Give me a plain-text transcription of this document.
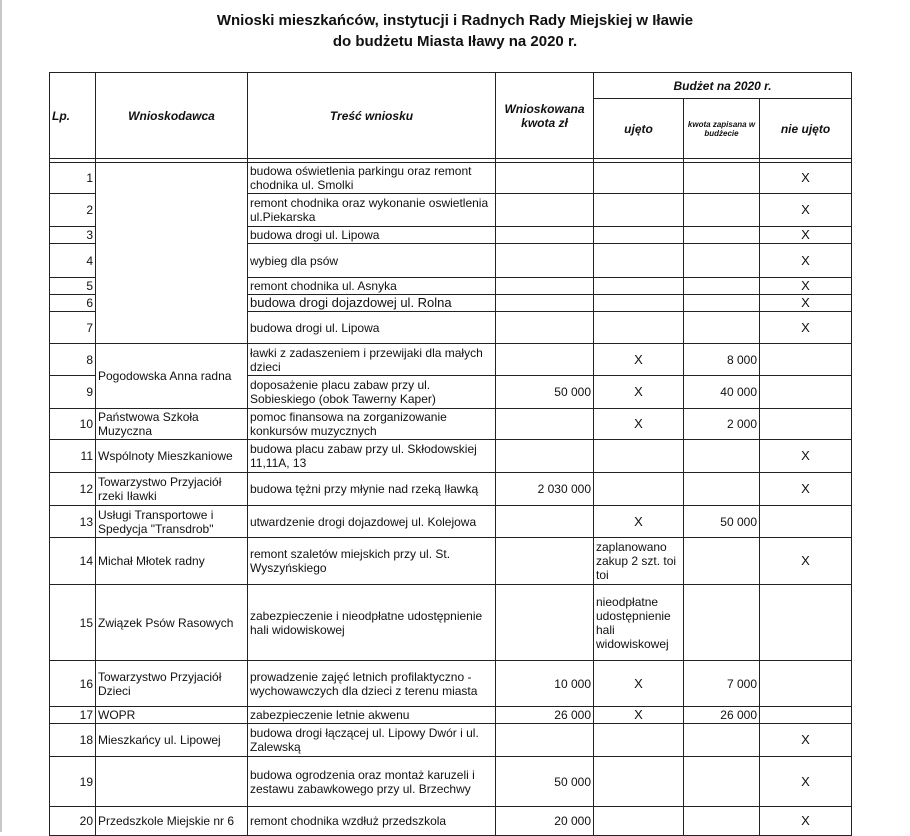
Wnioski mieszkańców, instytucji i Radnych Rady Miejskiej w Iławie
do budżetu Miasta Iławy na 2020 r.
Lp.	Wnioskodawca	Treść wniosku	Wnioskowana kwota zł	Budżet na 2020 r.		
				ujęto	kwota zapisana w budżecie	nie ujęto

1		budowa oświetlenia parkingu oraz remont chodnika ul. Smolki				X
2		remont chodnika oraz wykonanie oswietlenia ul.Piekarska				X
3		budowa drogi ul. Lipowa				X
4		wybieg dla psów				X
5		remont chodnika ul. Asnyka				X
6		budowa drogi dojazdowej ul. Rolna				X
7		budowa drogi ul. Lipowa				X
8	Pogodowska Anna radna	ławki z zadaszeniem i przewijaki dla małych dzieci		X	8 000	
9		doposażenie placu zabaw przy ul. Sobieskiego (obok Tawerny Kaper)	50 000	X	40 000	
10	Państwowa Szkoła Muzyczna	pomoc finansowa na zorganizowanie konkursów muzycznych		X	2 000	
11	Wspólnoty Mieszkaniowe	budowa placu zabaw przy ul. Skłodowskiej 11,11A, 13				X
12	Towarzystwo Przyjaciół rzeki Iławki	budowa tężni przy młynie nad rzeką Iławką	2 030 000			X
13	Usługi Transportowe i Spedycja "Transdrob"	utwardzenie drogi dojazdowej ul. Kolejowa		X	50 000	
14	Michał Młotek radny	remont szaletów miejskich przy ul. St. Wyszyńskiego		zaplanowano zakup 2 szt. toi toi		X
15	Związek Psów Rasowych	zabezpieczenie i nieodpłatne udostępnienie hali widowiskowej		nieodpłatne udostępnienie hali widowiskowej		
16	Towarzystwo Przyjaciół Dzieci	prowadzenie zajęć letnich profilaktyczno - wychowawczych dla dzieci z terenu miasta	10 000	X	7 000	
17	WOPR	zabezpieczenie letnie akwenu	26 000	X	26 000	
18	Mieszkańcy ul. Lipowej	budowa drogi łączącej ul. Lipowy Dwór i ul. Zalewską				X
19		budowa ogrodzenia oraz montaż karuzeli i zestawu zabawkowego przy ul. Brzechwy	50 000			X
20	Przedszkole Miejskie nr 6	remont chodnika wzdłuż przedszkola	20 000			X
